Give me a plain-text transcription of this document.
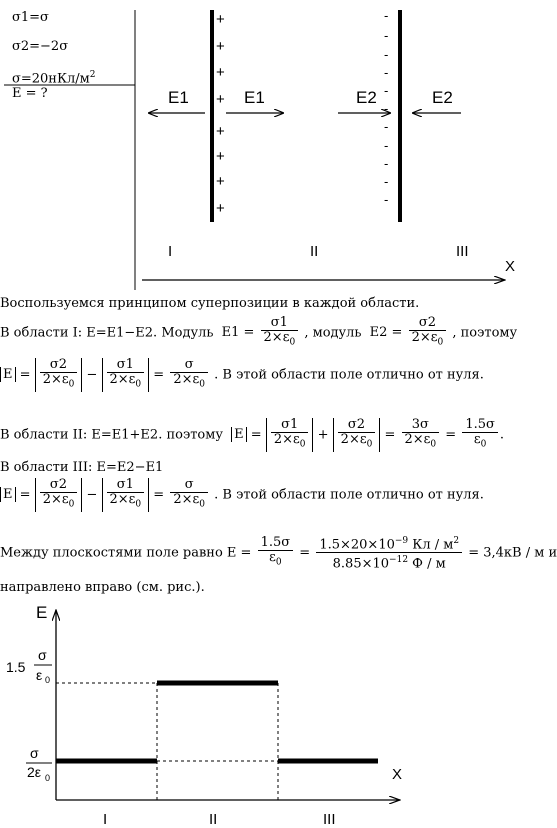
σ1=σ
σ2=−2σ
$\sigma=20нКл/м^2$
E = ?	E1	E1	E2	E2
I	II	III
X
+
+
+
+
+
+
+
+
-
-
-
-
-
-
-
-
-
-
-
Воспользуемся принципом суперпозиции в каждой области.
В области I: E=E1−E2. Модуль $E1 = \frac{\sigma 1}{2\times\varepsilon_0}$ , модуль $E2 = \frac{\sigma 2}{2\times\varepsilon_0}$ , поэтому
$E = \frac{\sigma 2}{2\times\varepsilon_0} - \frac{\sigma 1}{2\times\varepsilon_0} = \frac{\sigma}{2\times\varepsilon_0}$ . В этой области поле отлично от нуля.
В области II: E=E1+E2. поэтому $E = \frac{\sigma 1}{2\times\varepsilon_0} + \frac{\sigma 2}{2\times\varepsilon_0} = \frac{3\sigma}{2\times\varepsilon_0} = \frac{1.5\sigma}{\varepsilon_0}$ .
В области III: E=E2−E1
$E = \frac{\sigma 2}{2\times\varepsilon_0} - \frac{\sigma 1}{2\times\varepsilon_0} = \frac{\sigma}{2\times\varepsilon_0}$ . В этой области поле отлично от нуля.
Между плоскостями поле равно $E = \frac{1.5\sigma}{\varepsilon_0} = \frac{1.5\times 20\times 10^{-9} Кл / м^2}{8.85\times 10^{-12} Ф / м} = 3,4кВ / м$ и
направлено вправо (см. рис.).
E
X
1.5
σ
ε 0
σ
2ε 0
I	II	III
